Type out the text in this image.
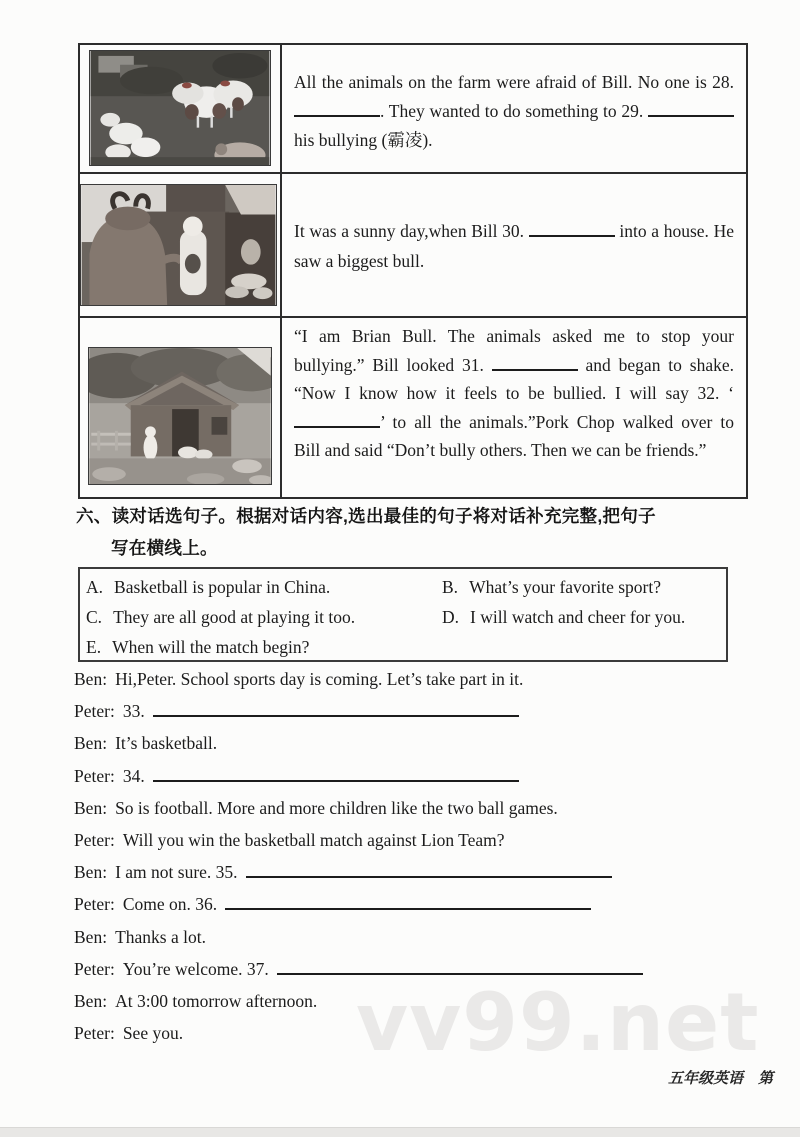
vv99.net
All the animals on the farm were afraid of Bill. No one is 28. . They wanted to do something to 29.  his bullying (霸凌).
It was a sunny day,when Bill 30.	into a house. He saw a biggest bull.
“I am Brian Bull. The animals asked me to stop your bullying.” Bill looked 31.	and began to shake. “Now I know how it feels to be bullied. I will say 32. ‘’ to all the animals.”Pork Chop walked over to Bill and said “Don’t bully others. Then we can be friends.”
六、读对话选句子。根据对话内容,选出最佳的句子将对话补充完整,把句子
写在横线上。
A. Basketball is popular in China.	B. What’s your favorite sport?
C. They are all good at playing it too.	D. I will watch and cheer for you.
E. When will the match begin?
Ben: Hi,Peter. School sports day is coming. Let’s take part in it.
Peter: 33.
Ben: It’s basketball.
Peter: 34.
Ben: So is football. More and more children like the two ball games.
Peter: Will you win the basketball match against Lion Team?
Ben: I am not sure. 35.
Peter: Come on. 36.
Ben: Thanks a lot.
Peter: You’re welcome. 37.
Ben: At 3:00 tomorrow afternoon.
Peter: See you.
五年级英语　第
